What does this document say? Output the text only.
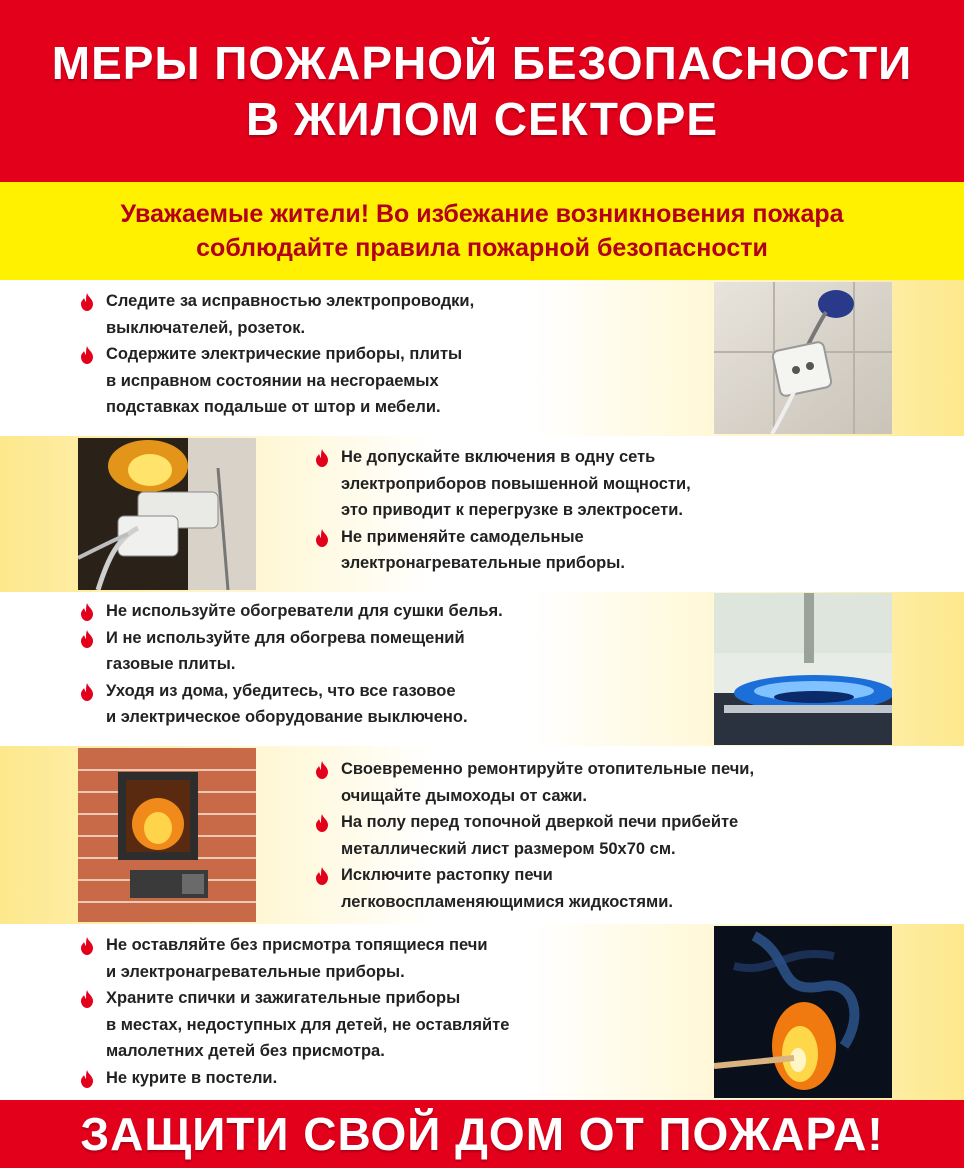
МЕРЫ ПОЖАРНОЙ БЕЗОПАСНОСТИ
В ЖИЛОМ СЕКТОРЕ
Уважаемые жители! Во избежание возникновения пожара
соблюдайте правила пожарной безопасности
Следите за исправностью электропроводки,
выключателей, розеток.
Содержите электрические приборы, плиты
в исправном состоянии на несгораемых
подставках подальше от штор и мебели.
Не допускайте включения в одну сеть
электроприборов повышенной мощности,
это приводит к перегрузке в электросети.
Не применяйте самодельные
электронагревательные приборы.
Не используйте обогреватели для сушки белья.
И не используйте для обогрева помещений
газовые плиты.
Уходя из дома, убедитесь, что все газовое
и электрическое оборудование выключено.
Своевременно ремонтируйте отопительные печи,
очищайте дымоходы от сажи.
На полу перед топочной дверкой печи прибейте
металлический лист размером 50х70 см.
Исключите растопку печи
легковоспламеняющимися жидкостями.
Не оставляйте без присмотра топящиеся печи
и электронагревательные приборы.
Храните спички и зажигательные приборы
в местах, недоступных для детей, не оставляйте
малолетних детей без присмотра.
Не курите в постели.
ЗАЩИТИ СВОЙ ДОМ ОТ ПОЖАРА!
